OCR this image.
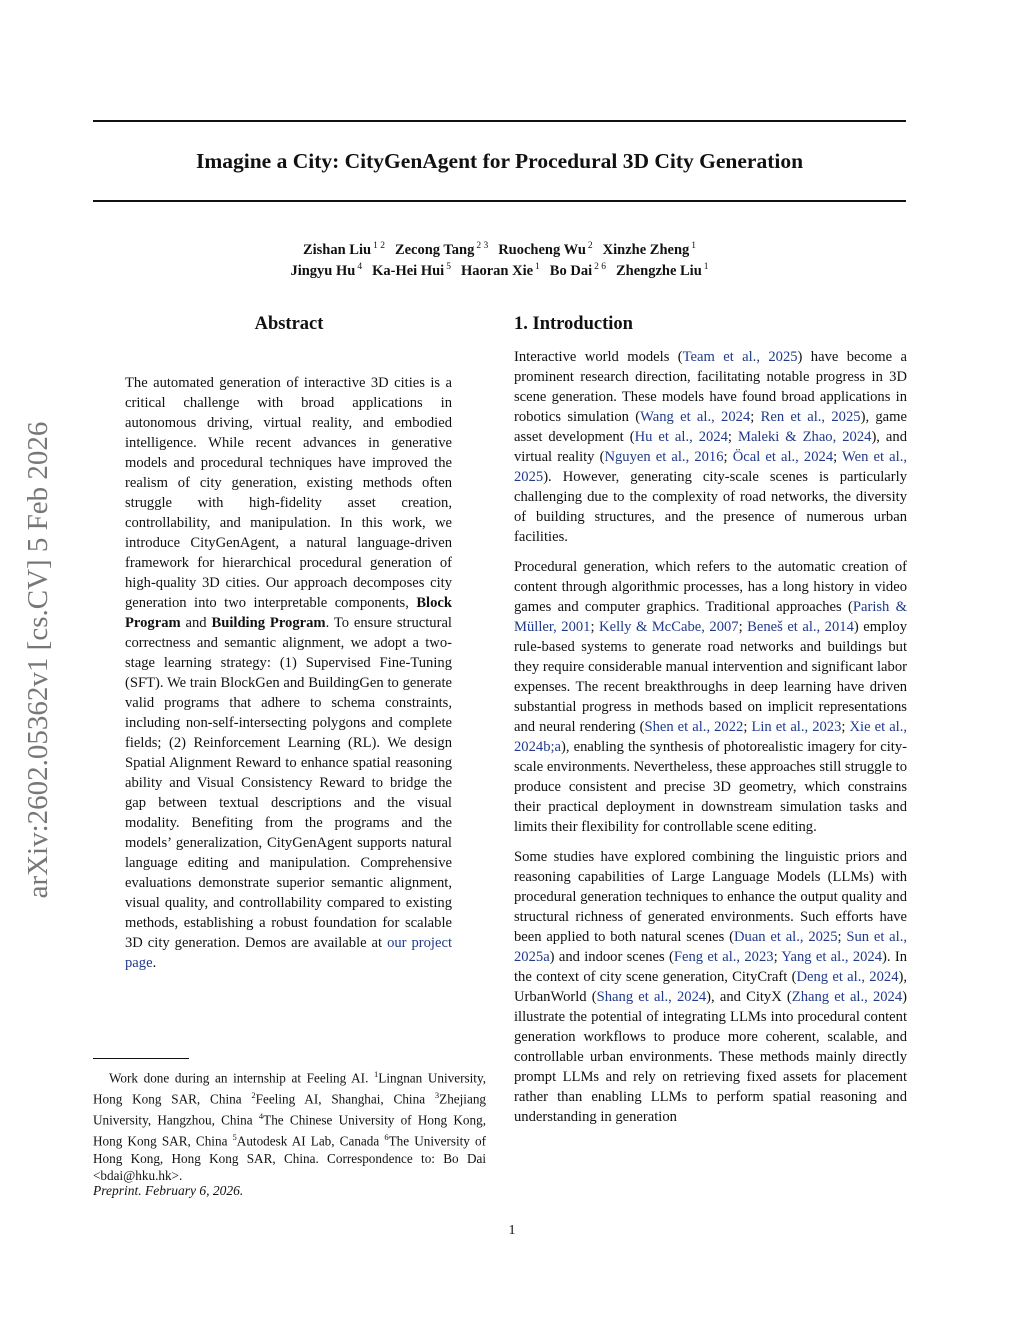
Imagine a City: CityGenAgent for Procedural 3D City Generation
Zishan Liu $^{1 2}$ Zecong Tang $^{2 3}$ Ruocheng Wu $^2$ Xinzhe Zheng $^1$
Jingyu Hu $^4$ Ka-Hei Hui $^5$ Haoran Xie $^1$ Bo Dai $^{2 6}$ Zhengzhe Liu $^1$
arXiv:2602.05362v1 [cs.CV] 5 Feb 2026
Abstract
The automated generation of interactive 3D cities is a critical challenge with broad applications in autonomous driving, virtual reality, and embodied intelligence. While recent advances in generative models and procedural techniques have improved the realism of city generation, existing methods often struggle with high-fidelity asset creation, controllability, and manipulation. In this work, we introduce CityGenAgent, a natural language-driven framework for hierarchical procedural generation of high-quality 3D cities. Our approach decomposes city generation into two interpretable components, Block Program and Building Program. To ensure structural correctness and semantic alignment, we adopt a two-stage learning strategy: (1) Supervised Fine-Tuning (SFT). We train BlockGen and BuildingGen to generate valid programs that adhere to schema constraints, including non-self-intersecting polygons and complete fields; (2) Reinforcement Learning (RL). We design Spatial Alignment Reward to enhance spatial reasoning ability and Visual Consistency Reward to bridge the gap between textual descriptions and the visual modality. Benefiting from the programs and the models’ generalization, CityGenAgent supports natural language editing and manipulation. Comprehensive evaluations demonstrate superior semantic alignment, visual quality, and controllability compared to existing methods, establishing a robust foundation for scalable 3D city generation. Demos are available at our project page.
1. Introduction

Interactive world models (Team et al., 2025) have become a prominent research direction, facilitating notable progress in 3D scene generation. These models have found broad applications in robotics simulation (Wang et al., 2024; Ren et al., 2025), game asset development (Hu et al., 2024; Maleki & Zhao, 2024), and virtual reality (Nguyen et al., 2016; Öcal et al., 2024; Wen et al., 2025). However, generating city-scale scenes is particularly challenging due to the complexity of road networks, the diversity of building structures, and the presence of numerous urban facilities.

Procedural generation, which refers to the automatic creation of content through algorithmic processes, has a long history in video games and computer graphics. Traditional approaches (Parish & Müller, 2001; Kelly & McCabe, 2007; Beneš et al., 2014) employ rule-based systems to generate road networks and buildings but they require considerable manual intervention and significant labor expenses. The recent breakthroughs in deep learning have driven substantial progress in methods based on implicit representations and neural rendering (Shen et al., 2022; Lin et al., 2023; Xie et al., 2024b;a), enabling the synthesis of photorealistic imagery for city-scale environments. Nevertheless, these approaches still struggle to produce consistent and precise 3D geometry, which constrains their practical deployment in downstream simulation tasks and limits their flexibility for controllable scene editing.

Some studies have explored combining the linguistic priors and reasoning capabilities of Large Language Models (LLMs) with procedural generation techniques to enhance the output quality and structural richness of generated environments. Such efforts have been applied to both natural scenes (Duan et al., 2025; Sun et al., 2025a) and indoor scenes (Feng et al., 2023; Yang et al., 2024). In the context of city scene generation, CityCraft (Deng et al., 2024), UrbanWorld (Shang et al., 2024), and CityX (Zhang et al., 2024) illustrate the potential of integrating LLMs into procedural content generation workflows to produce more coherent, scalable, and controllable urban environments. These methods mainly directly prompt LLMs and rely on retrieving fixed assets for placement rather than enabling LLMs to perform spatial reasoning and understanding in generation

Work done during an internship at Feeling AI. $^1$Lingnan University, Hong Kong SAR, China $^2$Feeling AI, Shanghai, China $^3$Zhejiang University, Hangzhou, China $^4$The Chinese University of Hong Kong, Hong Kong SAR, China $^5$Autodesk AI Lab, Canada $^6$The University of Hong Kong, Hong Kong SAR, China. Correspondence to: Bo Dai <bdai@hku.hk>.
Preprint. February 6, 2026.
1
